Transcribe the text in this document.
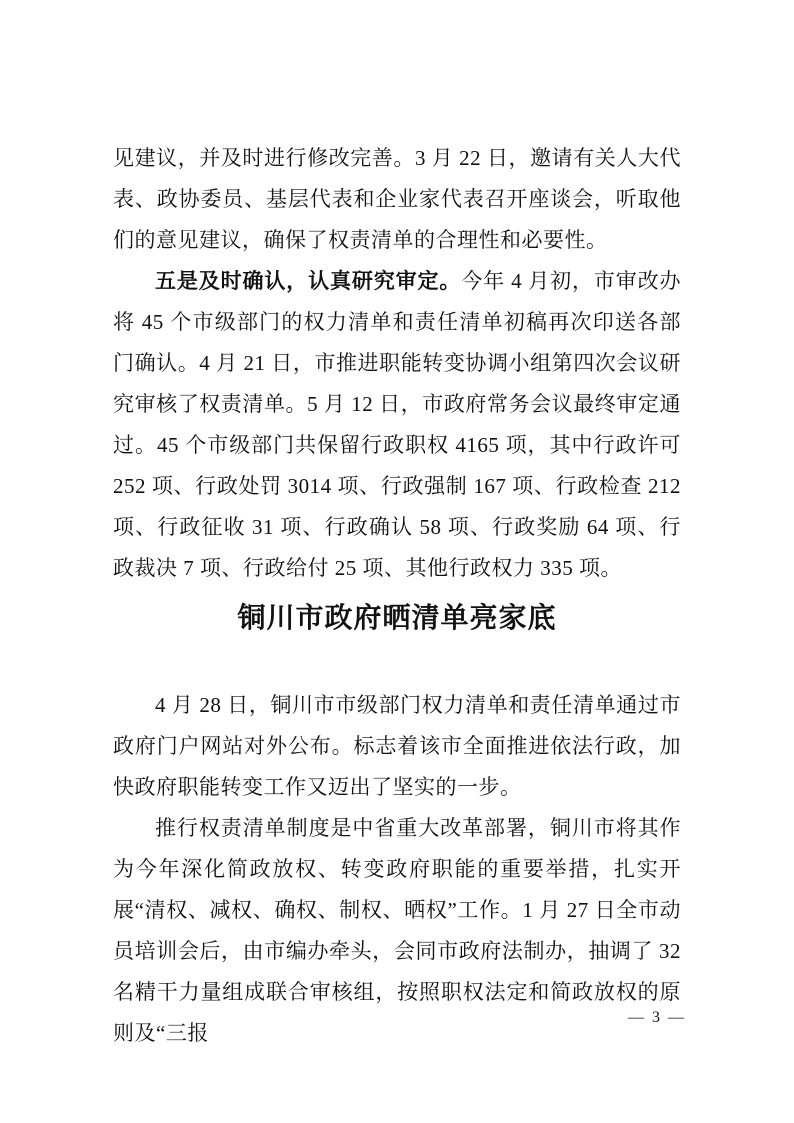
见建议，并及时进行修改完善。3 月 22 日，邀请有关人大代表、政协委员、基层代表和企业家代表召开座谈会，听取他们的意见建议，确保了权责清单的合理性和必要性。

五是及时确认，认真研究审定。今年 4 月初，市审改办将 45 个市级部门的权力清单和责任清单初稿再次印送各部门确认。4 月 21 日，市推进职能转变协调小组第四次会议研究审核了权责清单。5 月 12 日，市政府常务会议最终审定通过。45 个市级部门共保留行政职权 4165 项，其中行政许可 252 项、行政处罚 3014 项、行政强制 167 项、行政检查 212 项、行政征收 31 项、行政确认 58 项、行政奖励 64 项、行政裁决 7 项、行政给付 25 项、其他行政权力 335 项。

铜川市政府晒清单亮家底

4 月 28 日，铜川市市级部门权力清单和责任清单通过市政府门户网站对外公布。标志着该市全面推进依法行政，加快政府职能转变工作又迈出了坚实的一步。

推行权责清单制度是中省重大改革部署，铜川市将其作为今年深化简政放权、转变政府职能的重要举措，扎实开展“清权、减权、确权、制权、晒权”工作。1 月 27 日全市动员培训会后，由市编办牵头，会同市政府法制办，抽调了 32 名精干力量组成联合审核组，按照职权法定和简政放权的原则及“三报

— 3 —
